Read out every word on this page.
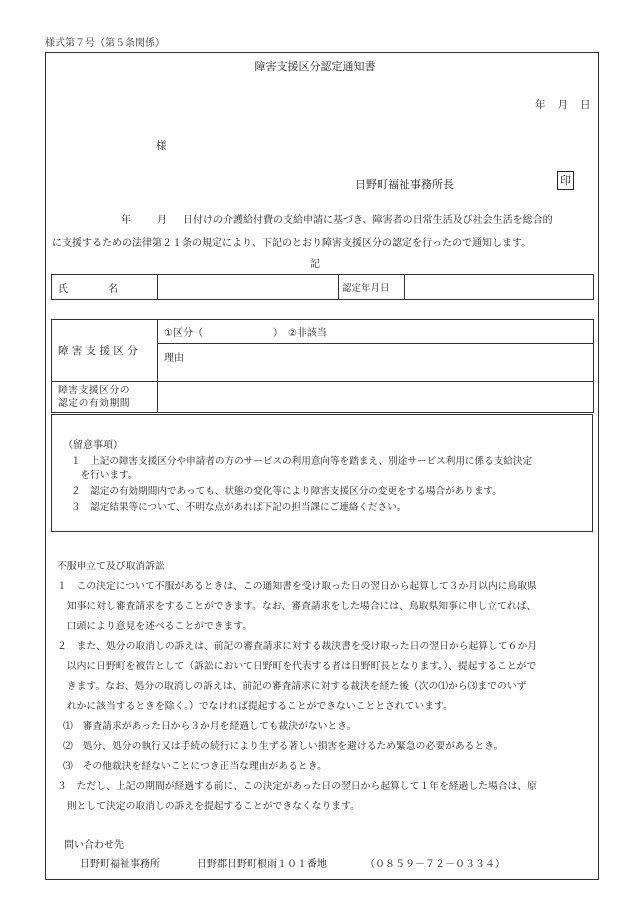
様式第７号（第５条関係）
障害支援区分認定通知書
年 月 日
様
日野町福祉事務所長	印
年	月 日付けの介護給付費の支給申請に基づき、障害者の日常生活及び社会生活を総合的
に支援するための法律第２１条の規定により、下記のとおり障害支援区分の認定を行ったので通知します。
記
氏　　　　名		認定年月日	
障 害 支 援 区 分	①区分（　　　　　　　）　②非該当
	理由

障害支援区分の
認定の有効期間	

（留意事項）
１　上記の障害支援区分や申請者の方のサービスの利用意向等を踏まえ、別途サービス利用に係る支給決定
　を行います。
２　認定の有効期間内であっても、状態の変化等により障害支援区分の変更をする場合があります。
３　認定結果等について、不明な点があれば下記の担当課にご連絡ください。
不服申立て及び取消訴訟
１　この決定について不服があるときは、この通知書を受け取った日の翌日から起算して３か月以内に鳥取県
　知事に対し審査請求をすることができます。なお、審査請求をした場合には、鳥取県知事に申し立てれば、
　口頭により意見を述べることができます。
２　また、処分の取消しの訴えは、前記の審査請求に対する裁決書を受け取った日の翌日から起算して６か月
　以内に日野町を被告として（訴訟において日野町を代表する者は日野町長となります。）、提起することがで
　きます。なお、処分の取消しの訴えは、前記の審査請求に対する裁決を経た後（次の⑴から⑶までのいず
　れかに該当するときを除く。）でなければ提起することができないこととされています。
⑴　審査請求があった日から３か月を経過しても裁決がないとき。
⑵　処分、処分の執行又は手続の続行により生ずる著しい損害を避けるため緊急の必要があるとき。
⑶　その他裁決を経ないことにつき正当な理由があるとき。
３　ただし、上記の期間が経過する前に、この決定があった日の翌日から起算して１年を経過した場合は、原
　則として決定の取消しの訴えを提起することができなくなります。
問い合わせ先
日野町福祉事務所	日野郡日野町根雨１０１番地	（０８５９－７２－０３３４）
